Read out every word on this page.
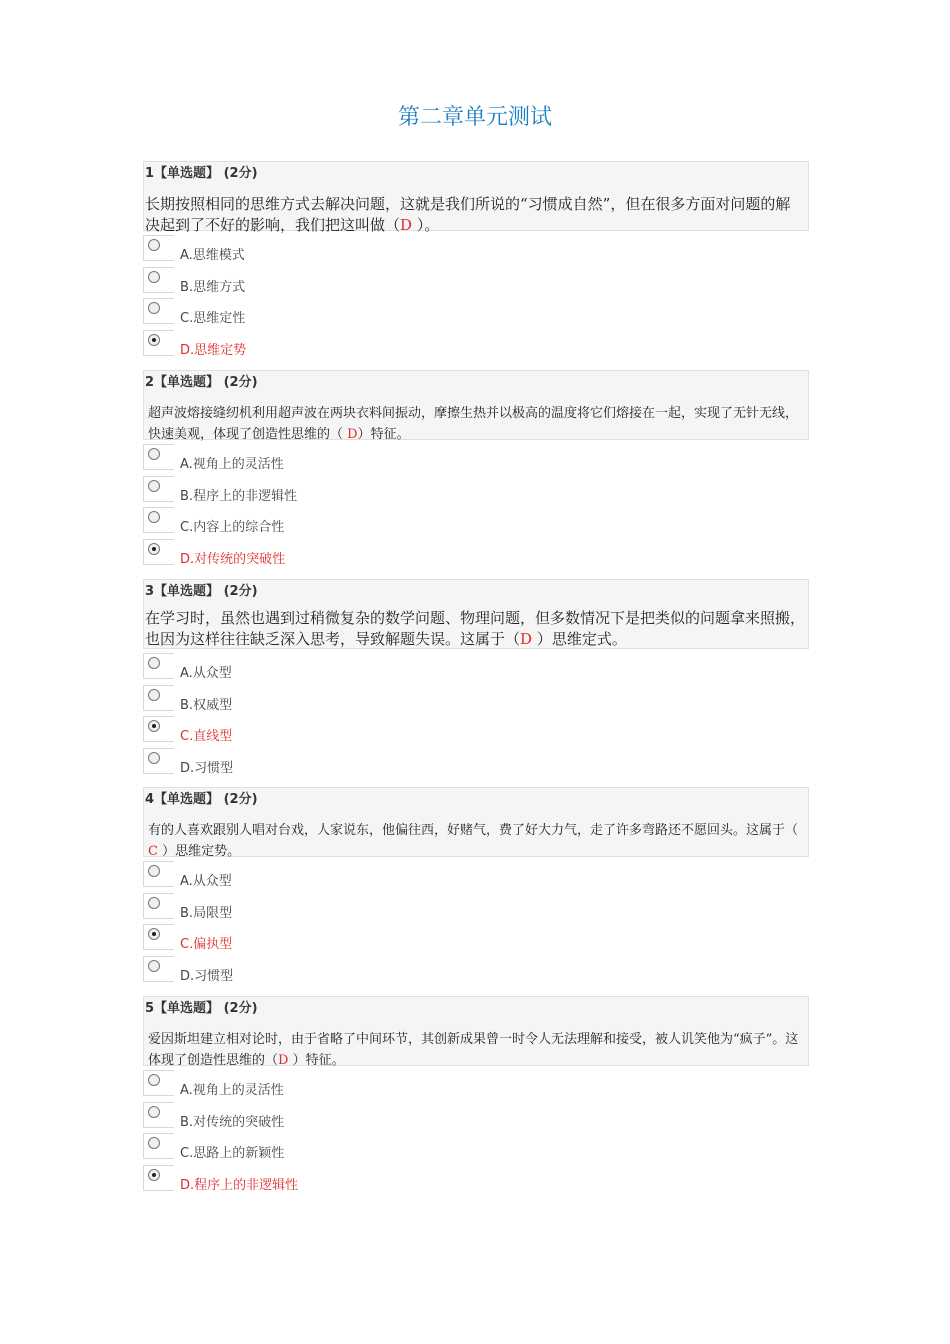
第二章单元测试
1【单选题】 (2分)
长期按照相同的思维方式去解决问题，这就是我们所说的“习惯成自然”，但在很多方面对问题的解决起到了不好的影响，我们把这叫做（D ）。
A.思维模式
B.思维方式
C.思维定性
D.思维定势
2【单选题】 (2分)
超声波熔接缝纫机利用超声波在两块衣料间振动，摩擦生热并以极高的温度将它们熔接在一起，实现了无针无线，快速美观，体现了创造性思维的（ D）特征。
A.视角上的灵活性
B.程序上的非逻辑性
C.内容上的综合性
D.对传统的突破性
3【单选题】 (2分)
在学习时，虽然也遇到过稍微复杂的数学问题、物理问题，但多数情况下是把类似的问题拿来照搬，也因为这样往往缺乏深入思考，导致解题失误。这属于（D ）思维定式。
A.从众型
B.权威型
C.直线型
D.习惯型
4【单选题】 (2分)
有的人喜欢跟别人唱对台戏，人家说东，他偏往西，好赌气，费了好大力气，走了许多弯路还不愿回头。这属于（ C ）思维定势。
A.从众型
B.局限型
C.偏执型
D.习惯型
5【单选题】 (2分)
爱因斯坦建立相对论时，由于省略了中间环节，其创新成果曾一时令人无法理解和接受，被人讥笑他为“疯子”。这体现了创造性思维的（D ）特征。
A.视角上的灵活性
B.对传统的突破性
C.思路上的新颖性
D.程序上的非逻辑性
